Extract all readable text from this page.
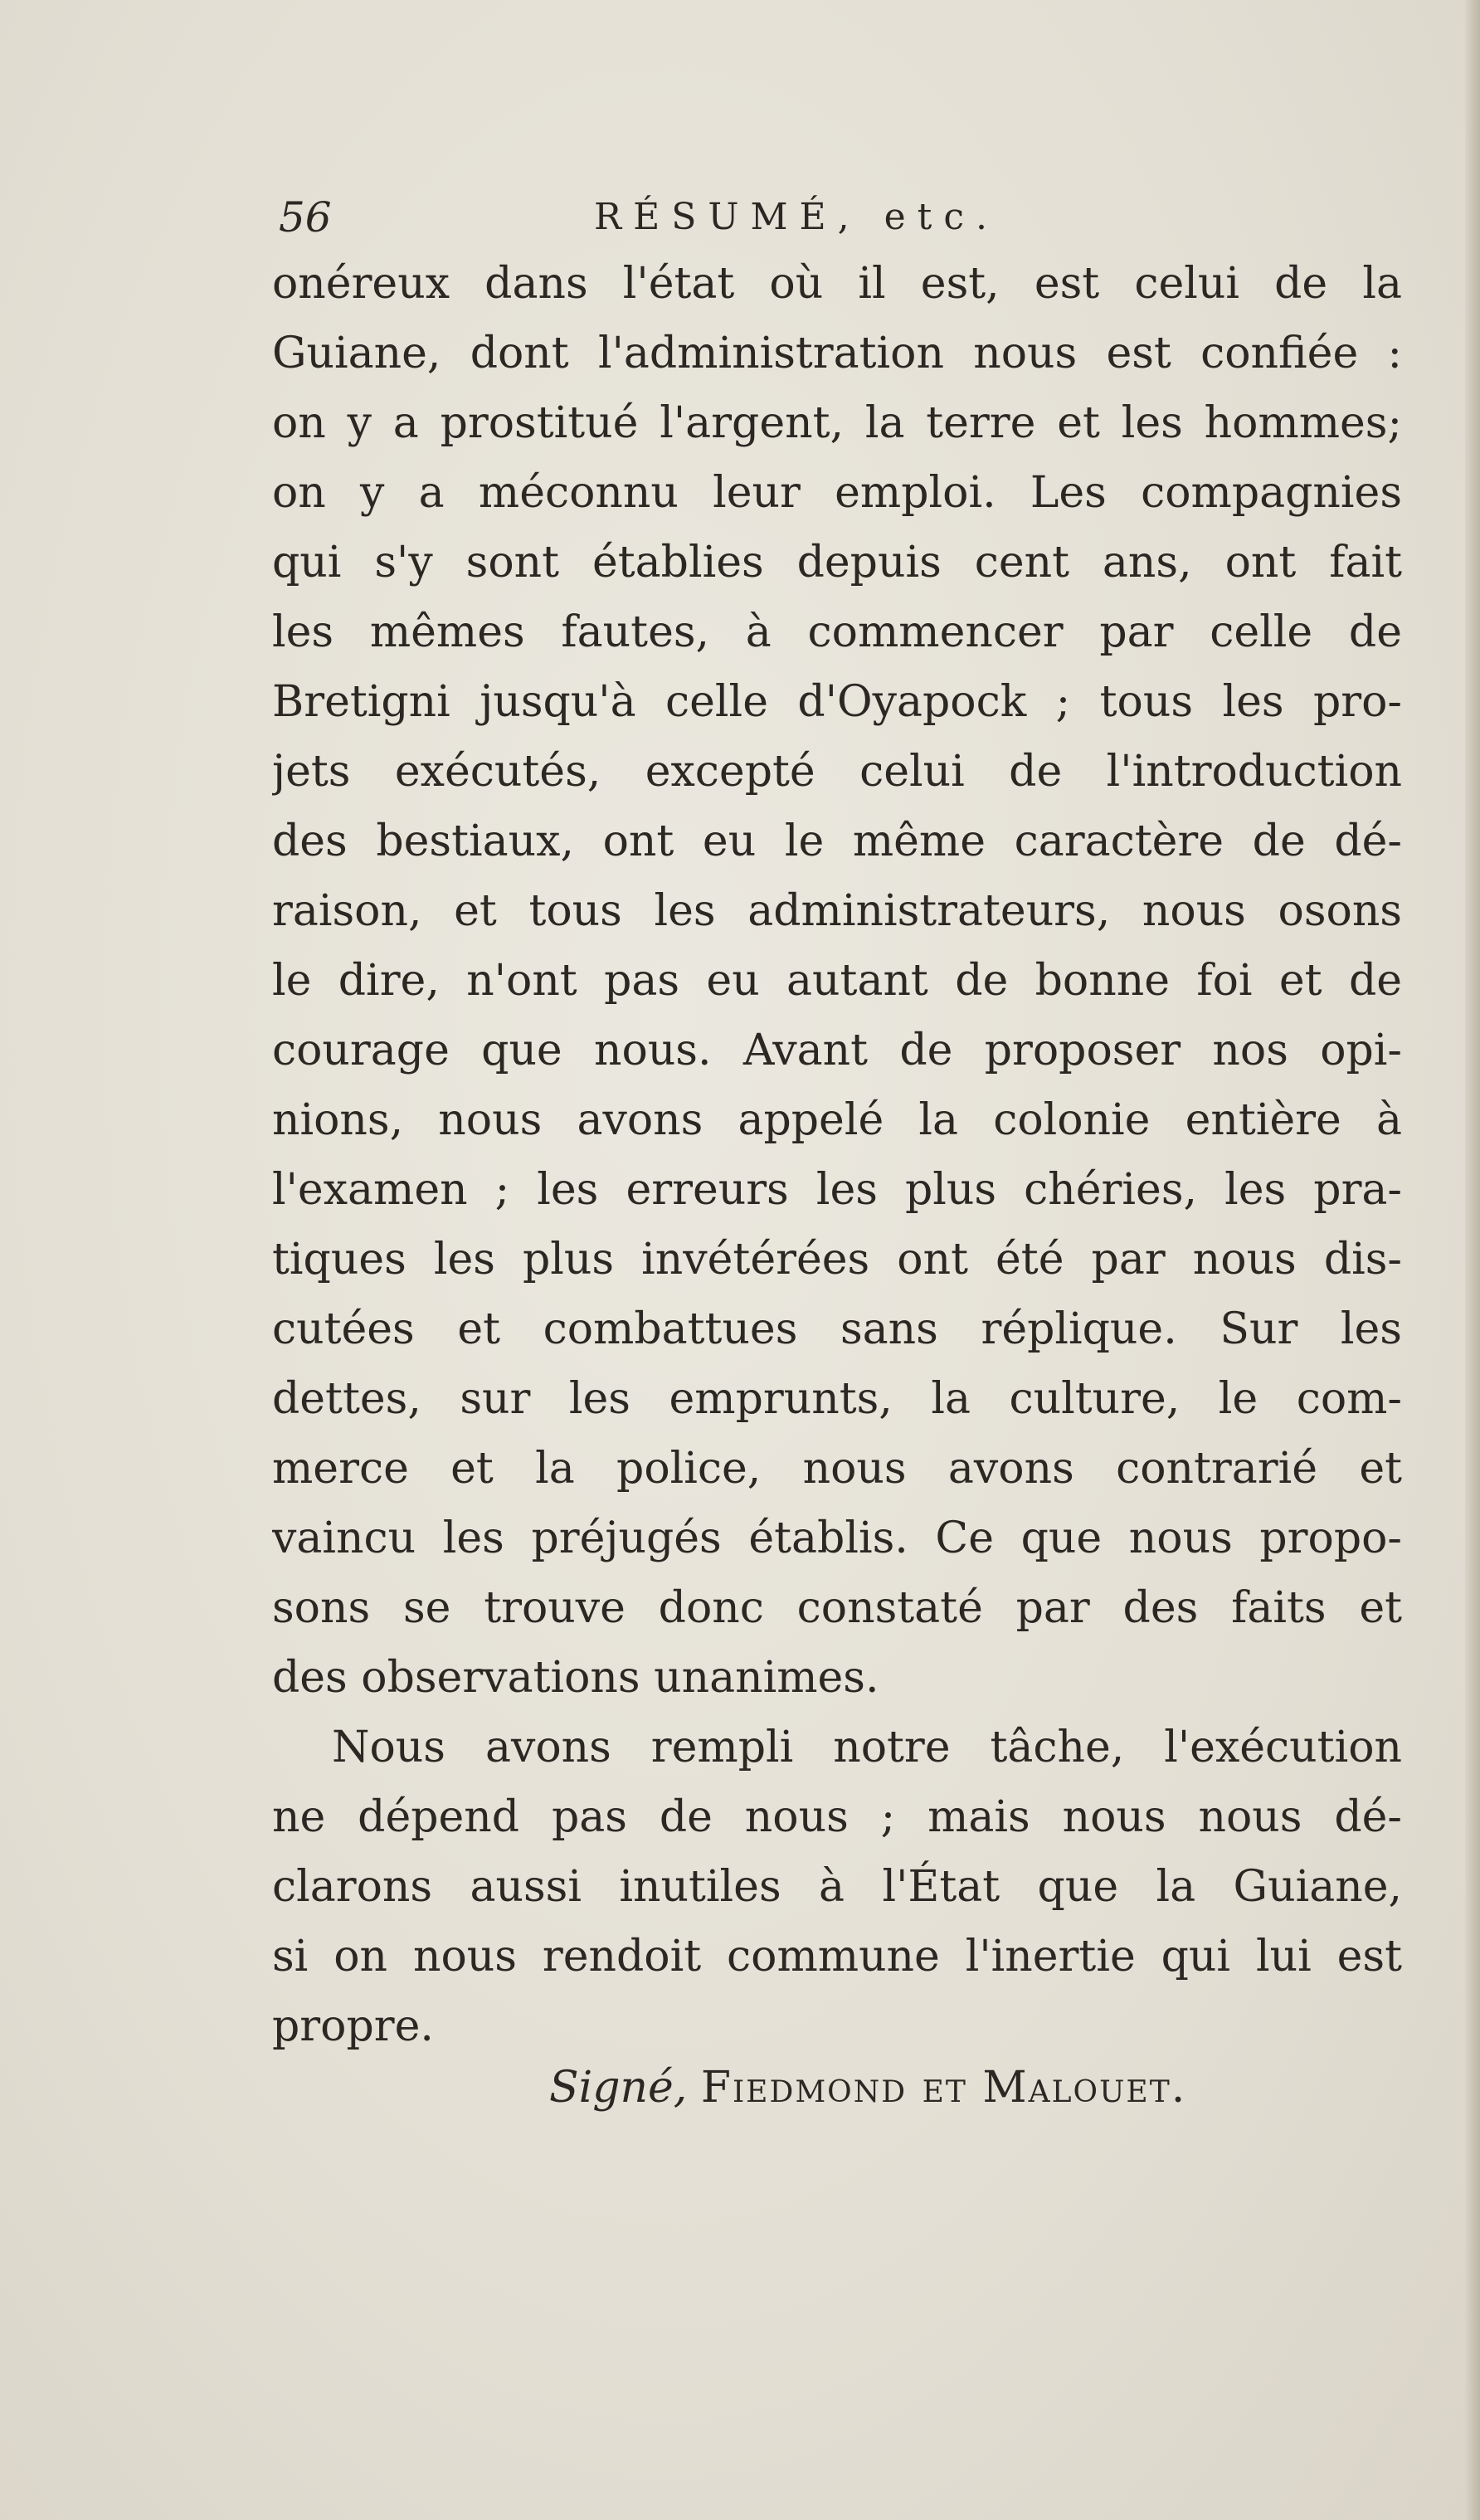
56	RÉSUMÉ, etc.
onéreux dans l'état où il est, est celui de la
Guiane, dont l'administration nous est confiée :
on y a prostitué l'argent, la terre et les hommes;
on y a méconnu leur emploi. Les compagnies
qui s'y sont établies depuis cent ans, ont fait
les mêmes fautes, à commencer par celle de
Bretigni jusqu'à celle d'Oyapock ; tous les pro-
jets exécutés, excepté celui de l'introduction
des bestiaux, ont eu le même caractère de dé-
raison, et tous les administrateurs, nous osons
le dire, n'ont pas eu autant de bonne foi et de
courage que nous. Avant de proposer nos opi-
nions, nous avons appelé la colonie entière à
l'examen ; les erreurs les plus chéries, les pra-
tiques les plus invétérées ont été par nous dis-
cutées et combattues sans réplique. Sur les
dettes, sur les emprunts, la culture, le com-
merce et la police, nous avons contrarié et
vaincu les préjugés établis. Ce que nous propo-
sons se trouve donc constaté par des faits et
des observations unanimes.
Nous avons rempli notre tâche, l'exécution
ne dépend pas de nous ; mais nous nous dé-
clarons aussi inutiles à l'État que la Guiane,
si on nous rendoit commune l'inertie qui lui est
propre.
Signé, Fiedmond et Malouet.
